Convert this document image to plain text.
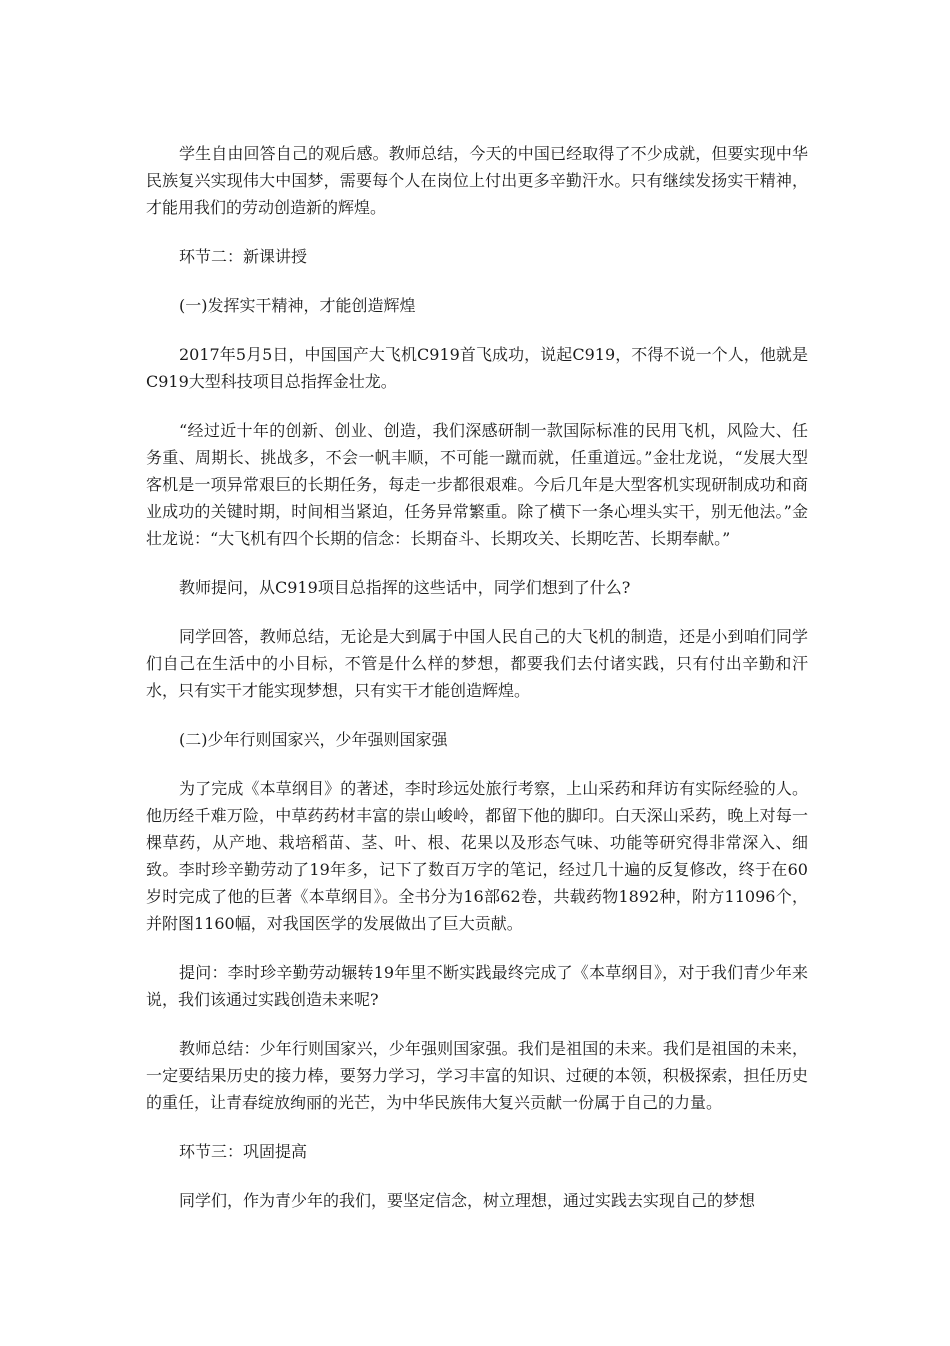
学生自由回答自己的观后感。教师总结，今天的中国已经取得了不少成就，但要实现中华民族复兴实现伟大中国梦，需要每个人在岗位上付出更多辛勤汗水。只有继续发扬实干精神，才能用我们的劳动创造新的辉煌。

环节二：新课讲授

(一)发挥实干精神，才能创造辉煌

2017年5月5日，中国国产大飞机C919首飞成功，说起C919，不得不说一个人，他就是C919大型科技项目总指挥金壮龙。

“经过近十年的创新、创业、创造，我们深感研制一款国际标准的民用飞机，风险大、任务重、周期长、挑战多，不会一帆丰顺，不可能一蹴而就，任重道远。”金壮龙说，“发展大型客机是一项异常艰巨的长期任务，每走一步都很艰难。今后几年是大型客机实现研制成功和商业成功的关键时期，时间相当紧迫，任务异常繁重。除了横下一条心埋头实干，别无他法。”金壮龙说：“大飞机有四个长期的信念：长期奋斗、长期攻关、长期吃苦、长期奉献。”

教师提问，从C919项目总指挥的这些话中，同学们想到了什么?

同学回答，教师总结，无论是大到属于中国人民自己的大飞机的制造，还是小到咱们同学们自己在生活中的小目标，不管是什么样的梦想，都要我们去付诸实践，只有付出辛勤和汗水，只有实干才能实现梦想，只有实干才能创造辉煌。

(二)少年行则国家兴，少年强则国家强

为了完成《本草纲目》的著述，李时珍远处旅行考察，上山采药和拜访有实际经验的人。他历经千难万险，中草药药材丰富的崇山峻岭，都留下他的脚印。白天深山采药，晚上对每一棵草药，从产地、栽培稻苗、茎、叶、根、花果以及形态气味、功能等研究得非常深入、细致。李时珍辛勤劳动了19年多，记下了数百万字的笔记，经过几十遍的反复修改，终于在60岁时完成了他的巨著《本草纲目》。全书分为16部62卷，共载药物1892种，附方11096个，并附图1160幅，对我国医学的发展做出了巨大贡献。

提问：李时珍辛勤劳动辗转19年里不断实践最终完成了《本草纲目》，对于我们青少年来说，我们该通过实践创造未来呢?

教师总结：少年行则国家兴，少年强则国家强。我们是祖国的未来。我们是祖国的未来，一定要结果历史的接力棒，要努力学习，学习丰富的知识、过硬的本领，积极探索，担任历史的重任，让青春绽放绚丽的光芒，为中华民族伟大复兴贡献一份属于自己的力量。

环节三：巩固提高

同学们，作为青少年的我们，要坚定信念，树立理想，通过实践去实现自己的梦想
